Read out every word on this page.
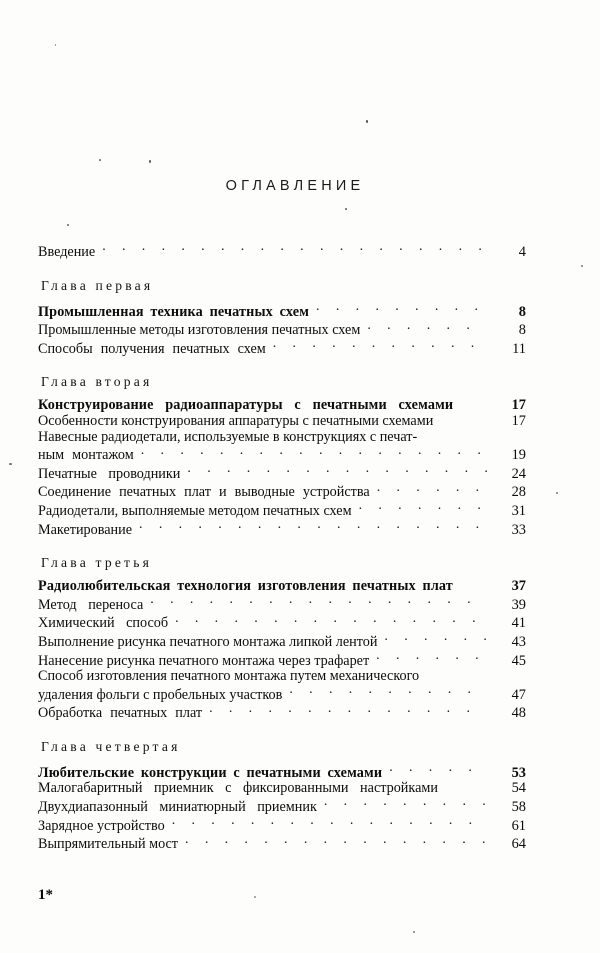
ОГЛАВЛЕНИЕ
Введение . . .	4
Глава первая
Промышленная техника печатных схем . . .	8
Промышленные методы изготовления печатных схем . . .	8
Способы получения печатных схем . . .	11
Глава вторая
Конструирование радиоаппаратуры с печатными схемами	17
Особенности конструирования аппаратуры с печатными схемами	17
Навесные радиодетали, используемые в конструкциях с печат-
ным монтажом . . .	19
Печатные проводники . . .	24
Соединение печатных плат и выводные устройства . . .	28
Радиодетали, выполняемые методом печатных схем . . .	31
Макетирование . . .	33
Глава третья
Радиолюбительская технология изготовления печатных плат	37
Метод переноса . . .	39
Химический способ . . .	41
Выполнение рисунка печатного монтажа липкой лентой . . .	43
Нанесение рисунка печатного монтажа через трафарет . . .	45
Способ изготовления печатного монтажа путем механического
удаления фольги с пробельных участков . . .	47
Обработка печатных плат . . .	48
Глава четвертая
Любительские конструкции с печатными схемами . . .	53
Малогабаритный приемник с фиксированными настройками	54
Двухдиапазонный миниатюрный приемник . . .	58
Зарядное устройство . . .	61
Выпрямительный мост . . .	64
1*
